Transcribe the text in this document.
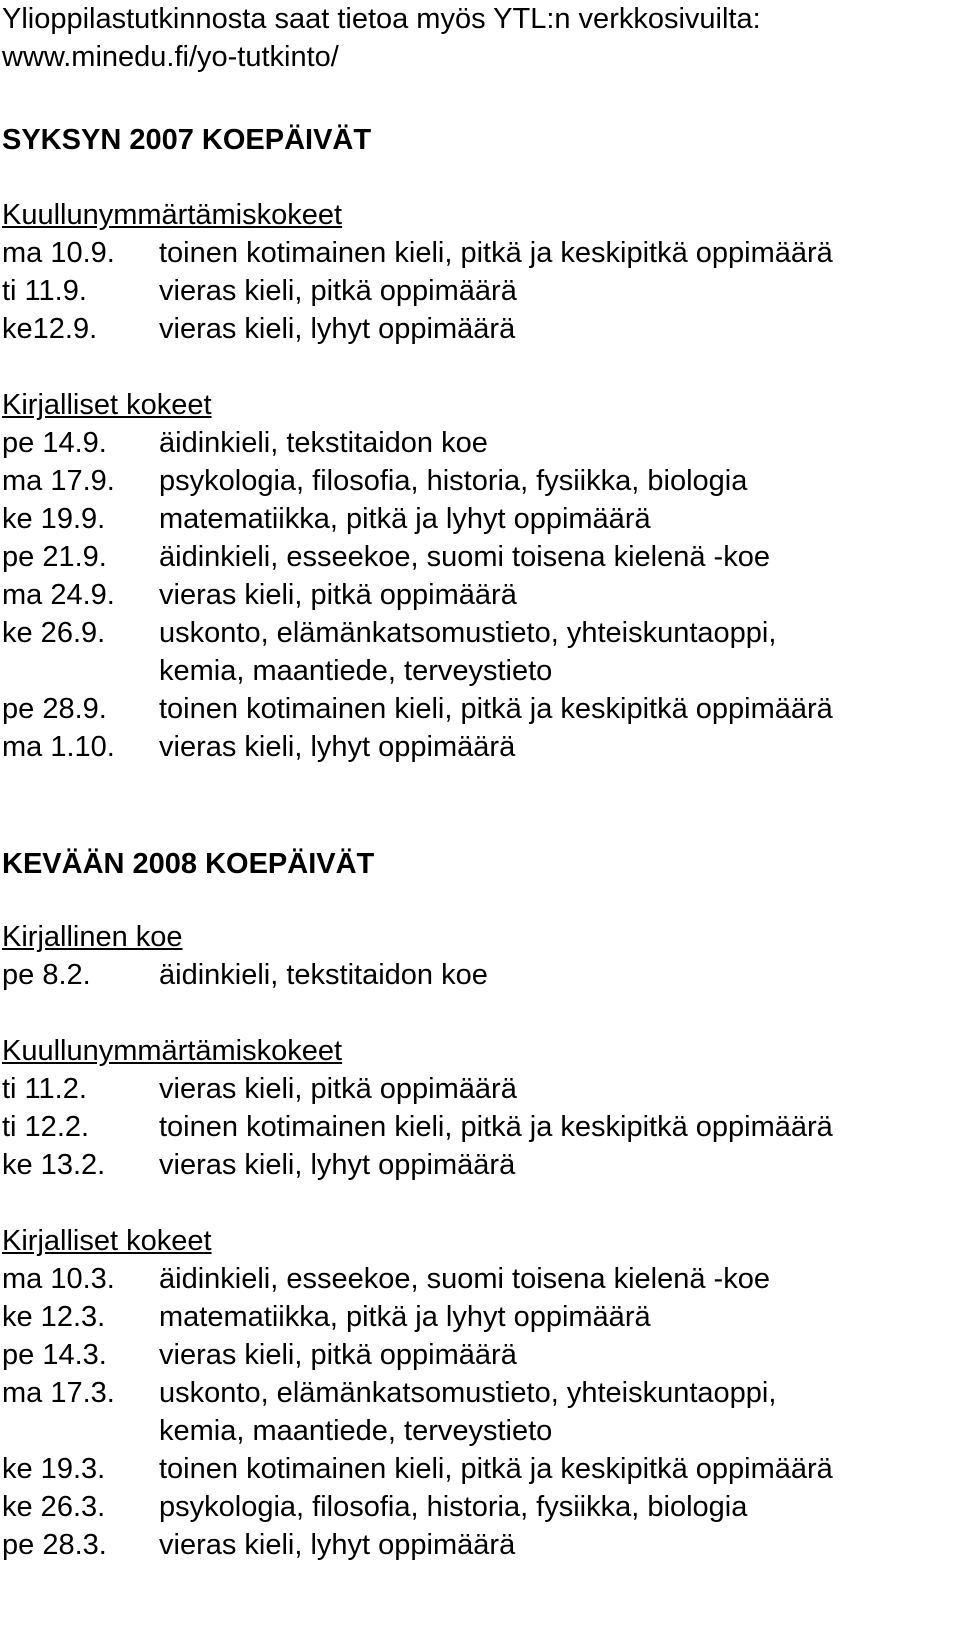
Ylioppilastutkinnosta saat tietoa myös YTL:n verkkosivuilta:
www.minedu.fi/yo-tutkinto/
SYKSYN 2007 KOEPÄIVÄT
Kuullunymmärtämiskokeet
ma 10.9.	toinen kotimainen kieli, pitkä ja keskipitkä oppimäärä
ti 11.9.	vieras kieli, pitkä oppimäärä
ke12.9.	vieras kieli, lyhyt oppimäärä
Kirjalliset kokeet
pe 14.9.	äidinkieli, tekstitaidon koe
ma 17.9.	psykologia, filosofia, historia, fysiikka, biologia
ke 19.9.	matematiikka, pitkä ja lyhyt oppimäärä
pe 21.9.	äidinkieli, esseekoe, suomi toisena kielenä -koe
ma 24.9.	vieras kieli, pitkä oppimäärä
ke 26.9.	uskonto, elämänkatsomustieto, yhteiskuntaoppi,
kemia, maantiede, terveystieto
pe 28.9.	toinen kotimainen kieli, pitkä ja keskipitkä oppimäärä
ma 1.10.	vieras kieli, lyhyt oppimäärä
KEVÄÄN 2008 KOEPÄIVÄT
Kirjallinen koe
pe 8.2.	äidinkieli, tekstitaidon koe
Kuullunymmärtämiskokeet
ti 11.2.	vieras kieli, pitkä oppimäärä
ti 12.2.	toinen kotimainen kieli, pitkä ja keskipitkä oppimäärä
ke 13.2.	vieras kieli, lyhyt oppimäärä
Kirjalliset kokeet
ma 10.3.	äidinkieli, esseekoe, suomi toisena kielenä -koe
ke 12.3.	matematiikka, pitkä ja lyhyt oppimäärä
pe 14.3.	vieras kieli, pitkä oppimäärä
ma 17.3.	uskonto, elämänkatsomustieto, yhteiskuntaoppi,
kemia, maantiede, terveystieto
ke 19.3.	toinen kotimainen kieli, pitkä ja keskipitkä oppimäärä
ke 26.3.	psykologia, filosofia, historia, fysiikka, biologia
pe 28.3.	vieras kieli, lyhyt oppimäärä
